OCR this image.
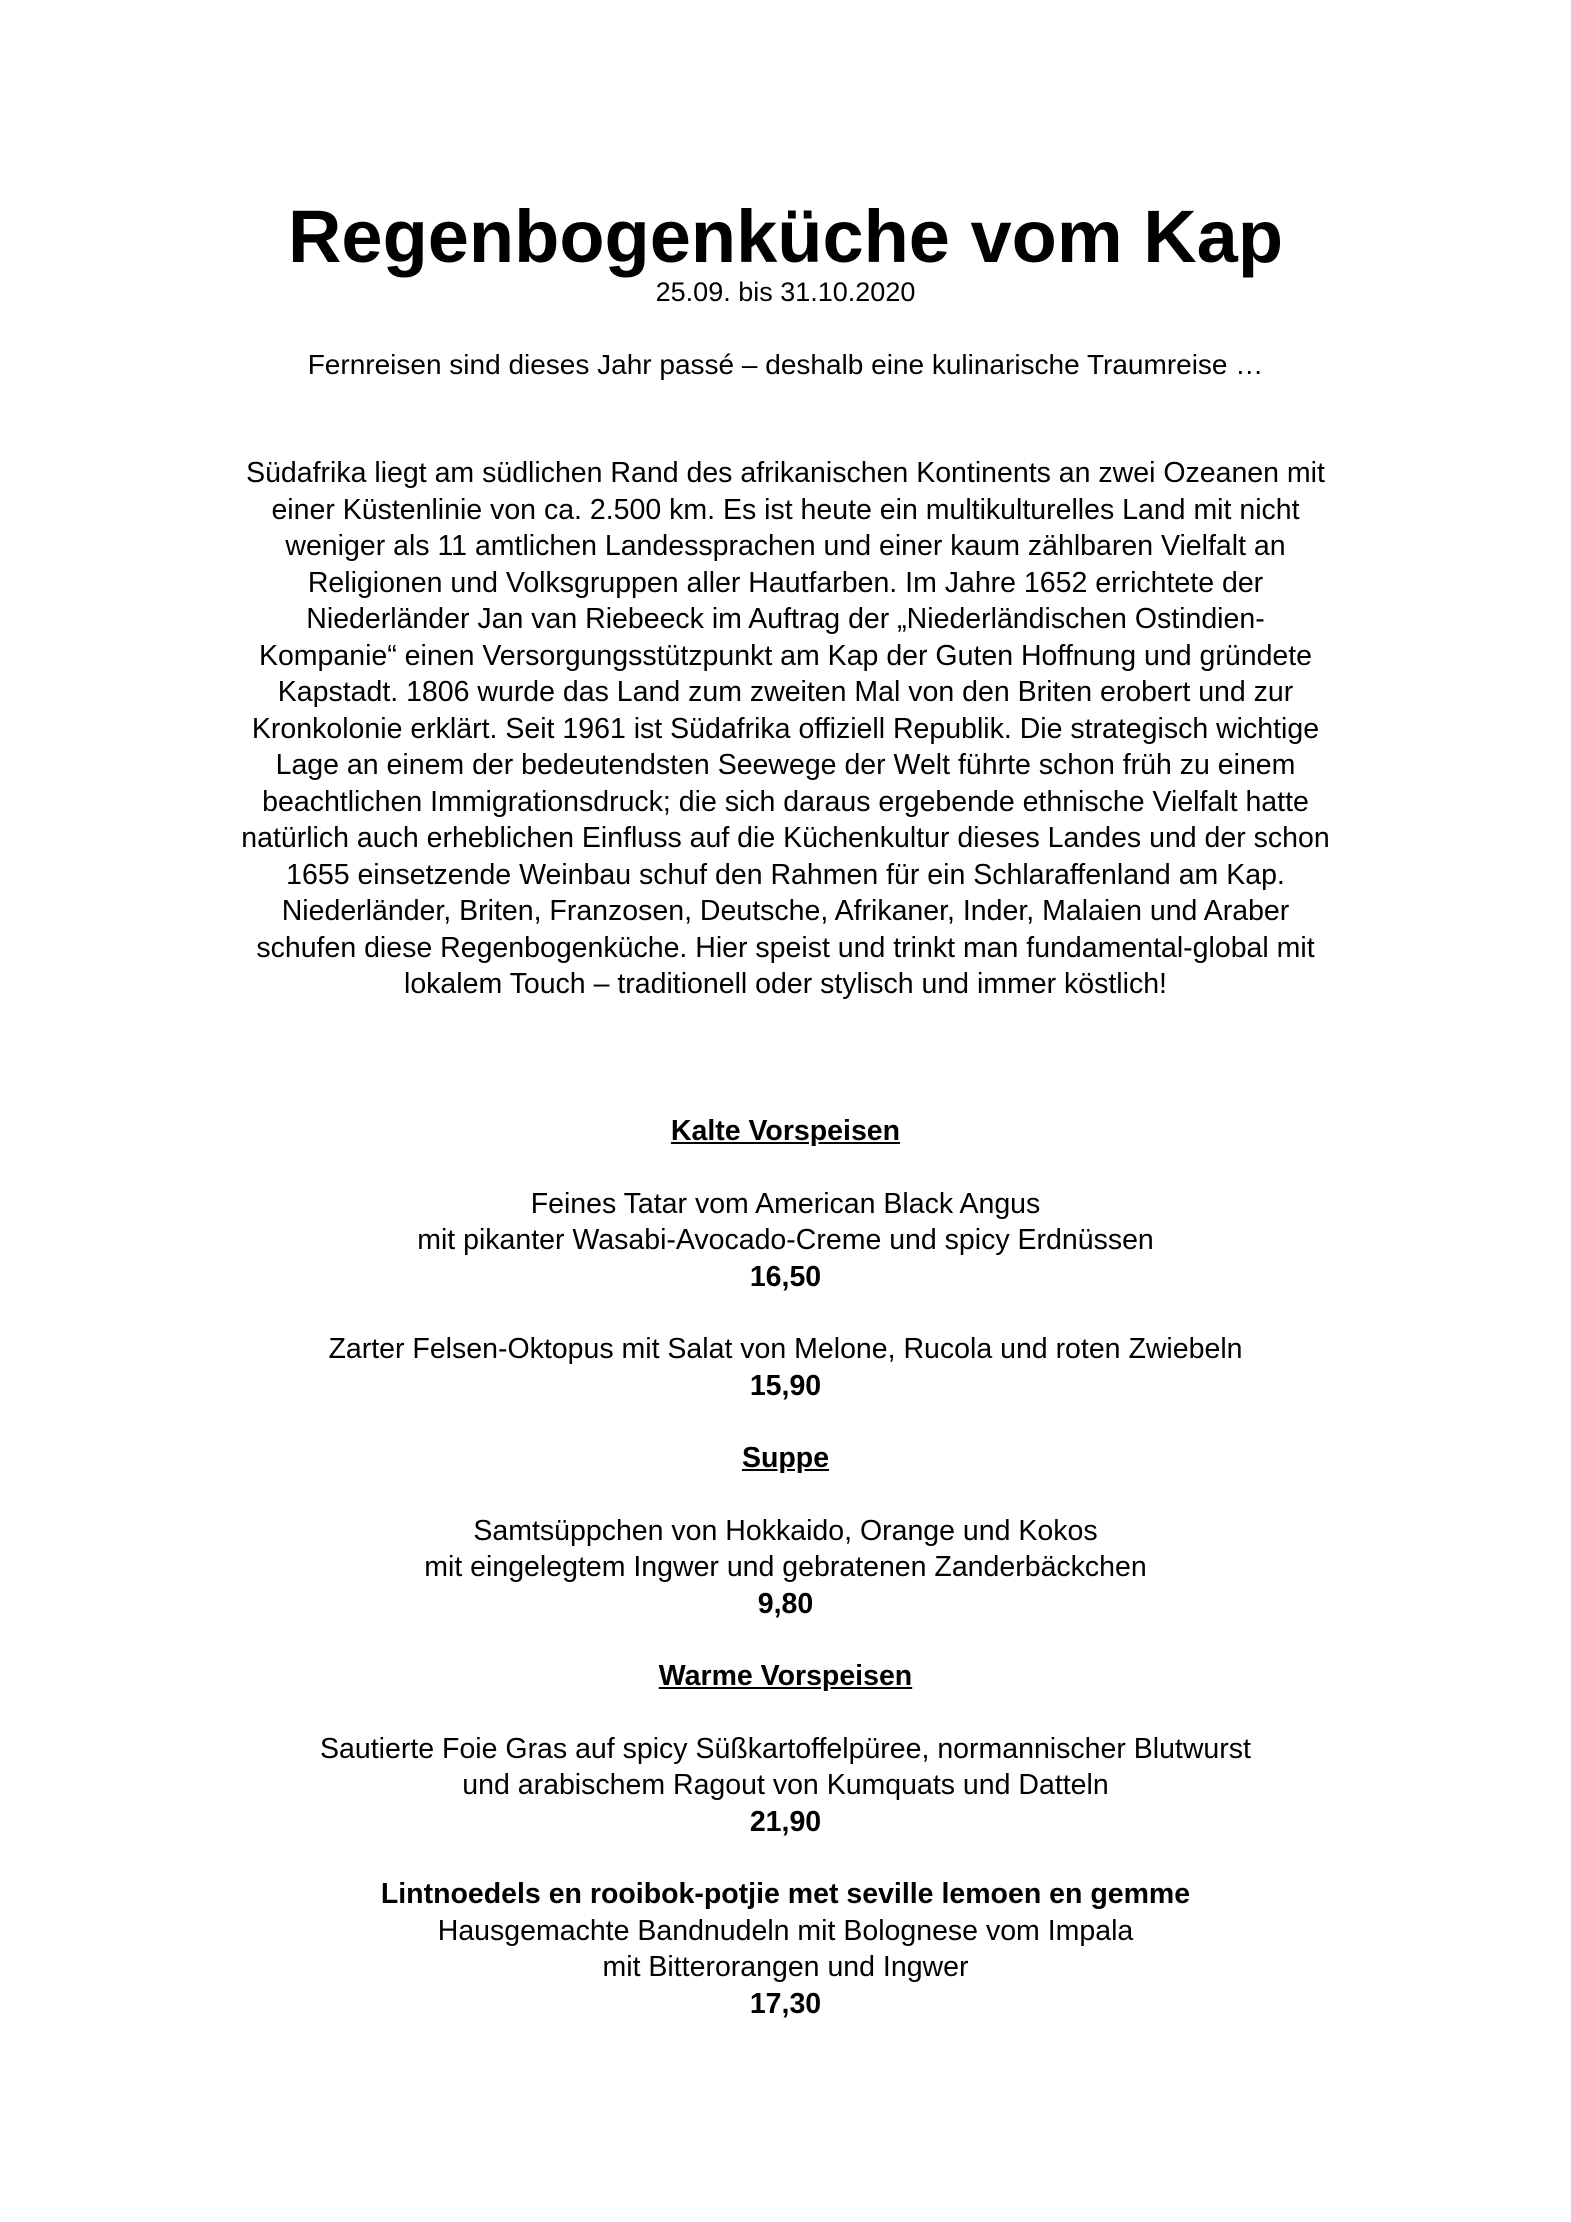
Regenbogenküche vom Kap
25.09. bis 31.10.2020
Fernreisen sind dieses Jahr passé – deshalb eine kulinarische Traumreise …
Südafrika liegt am südlichen Rand des afrikanischen Kontinents an zwei Ozeanen mit
einer Küstenlinie von ca. 2.500 km. Es ist heute ein multikulturelles Land mit nicht
weniger als 11 amtlichen Landessprachen und einer kaum zählbaren Vielfalt an
Religionen und Volksgruppen aller Hautfarben. Im Jahre 1652 errichtete der
Niederländer Jan van Riebeeck im Auftrag der „Niederländischen Ostindien-
Kompanie“ einen Versorgungsstützpunkt am Kap der Guten Hoffnung und gründete
Kapstadt. 1806 wurde das Land zum zweiten Mal von den Briten erobert und zur
Kronkolonie erklärt. Seit 1961 ist Südafrika offiziell Republik. Die strategisch wichtige
Lage an einem der bedeutendsten Seewege der Welt führte schon früh zu einem
beachtlichen Immigrationsdruck; die sich daraus ergebende ethnische Vielfalt hatte
natürlich auch erheblichen Einfluss auf die Küchenkultur dieses Landes und der schon
1655 einsetzende Weinbau schuf den Rahmen für ein Schlaraffenland am Kap.
Niederländer, Briten, Franzosen, Deutsche, Afrikaner, Inder, Malaien und Araber
schufen diese Regenbogenküche. Hier speist und trinkt man fundamental-global mit
lokalem Touch – traditionell oder stylisch und immer köstlich!
Kalte Vorspeisen
Feines Tatar vom American Black Angus
mit pikanter Wasabi-Avocado-Creme und spicy Erdnüssen
16,50
Zarter Felsen-Oktopus mit Salat von Melone, Rucola und roten Zwiebeln
15,90
Suppe
Samtsüppchen von Hokkaido, Orange und Kokos
mit eingelegtem Ingwer und gebratenen Zanderbäckchen
9,80
Warme Vorspeisen
Sautierte Foie Gras auf spicy Süßkartoffelpüree, normannischer Blutwurst
und arabischem Ragout von Kumquats und Datteln
21,90
Lintnoedels en rooibok-potjie met seville lemoen en gemme
Hausgemachte Bandnudeln mit Bolognese vom Impala
mit Bitterorangen und Ingwer
17,30
